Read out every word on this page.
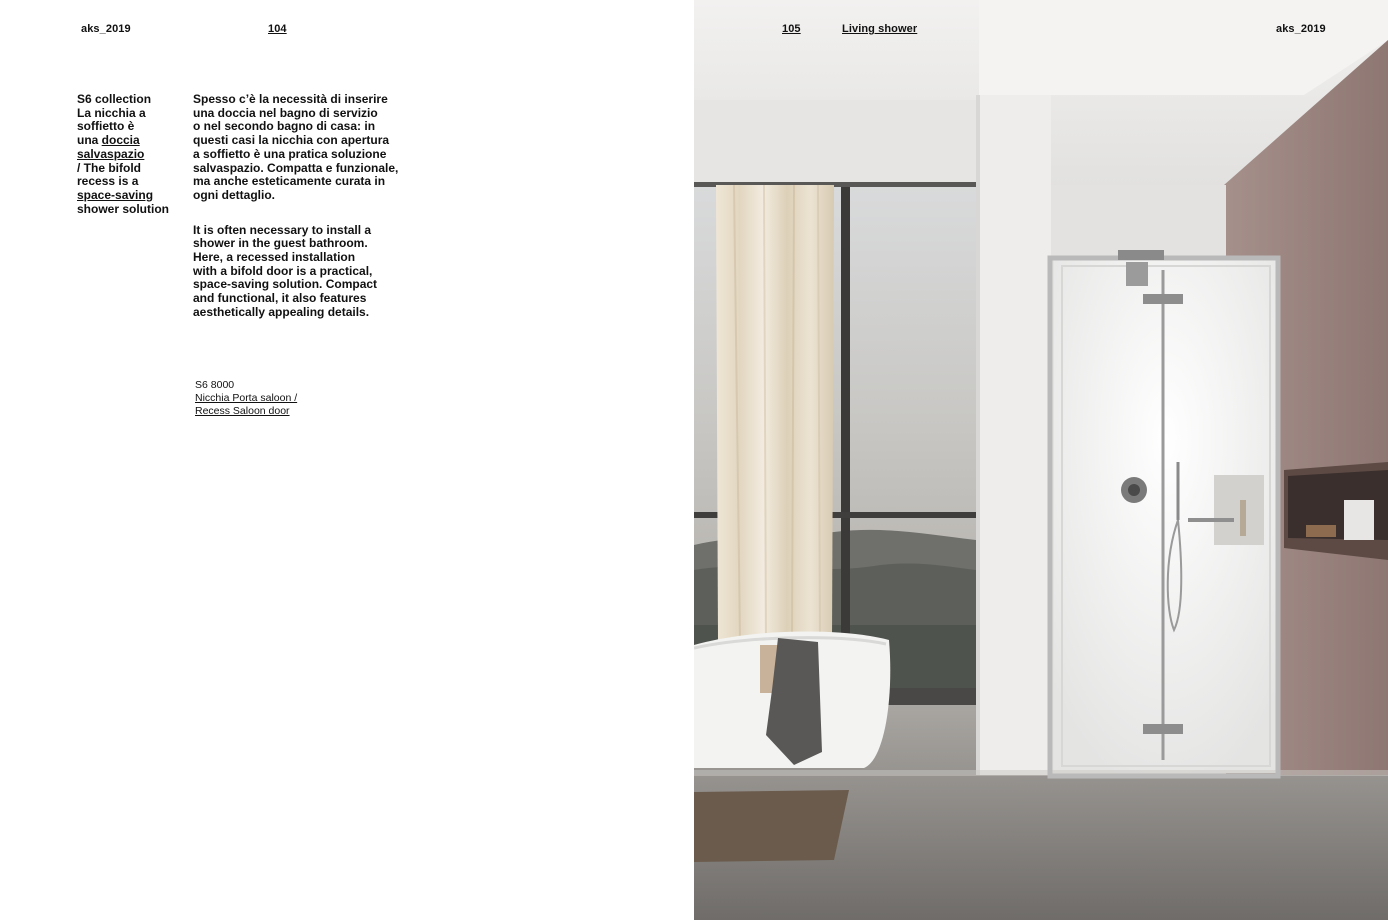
aks_2019	104
S6 collection
La nicchia a
soffietto è
una doccia
salvaspazio
/ The bifold
recess is a
space-saving
shower solution
Spesso c’è la necessità di inserire
una doccia nel bagno di servizio
o nel secondo bagno di casa: in
questi casi la nicchia con apertura
a soffietto è una pratica soluzione
salvaspazio. Compatta e funzionale,
ma anche esteticamente curata in
ogni dettaglio.
It is often necessary to install a
shower in the guest bathroom.
Here, a recessed installation
with a bifold door is a practical,
space-saving solution. Compact
and functional, it also features
aesthetically appealing details.
S6 8000
Nicchia Porta saloon /
Recess Saloon door
105	Living shower	aks_2019
